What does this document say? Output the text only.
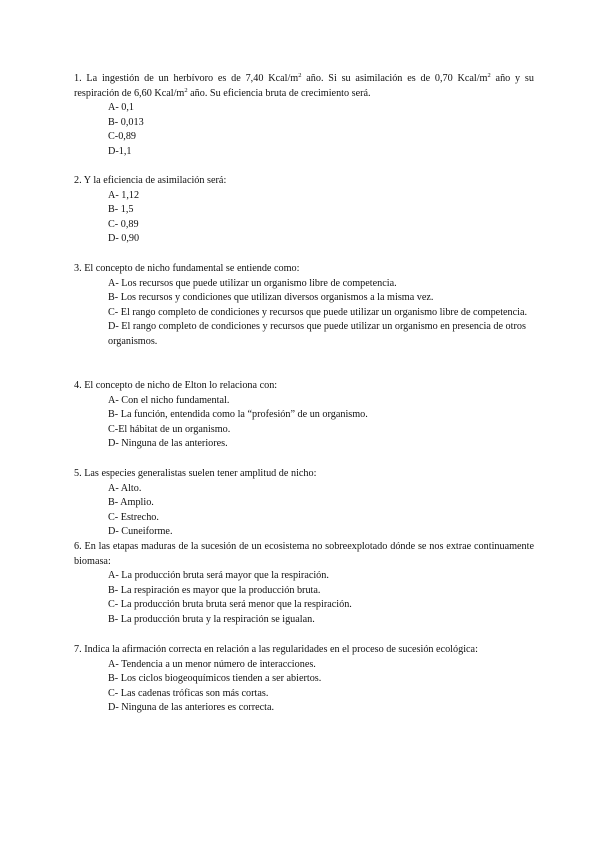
1. La ingestión de un herbívoro es de 7,40 Kcal/$m^2$ año. Si su asimilación es de 0,70 Kcal/$m^2$ año y su respiración de 6,60 Kcal/$m^2$ año. Su eficiencia bruta de crecimiento será.

A- 0,1

B- 0,013

C-0,89

D-1,1

2. Y la eficiencia de asimilación será:

A- 1,12

B- 1,5

C- 0,89

D- 0,90

3. El concepto de nicho fundamental se entiende como:

A- Los recursos que puede utilizar un organismo libre de competencia.

B- Los recursos y condiciones que utilizan diversos organismos a la misma vez.

C- El rango completo de condiciones y recursos que puede utilizar un organismo libre de competencia.

D- El rango completo de condiciones y recursos que puede utilizar un organismo en presencia de otros organismos.

4. El concepto de nicho de Elton lo relaciona con:

A- Con el nicho fundamental.

B- La función, entendida como la “profesión” de un organismo.

C-El hábitat de un organismo.

D- Ninguna de las anteriores.

5. Las especies generalistas suelen tener amplitud de nicho:

A- Alto.

B- Amplio.

C- Estrecho.

D- Cuneiforme.

6. En las etapas maduras de la sucesión de un ecosistema no sobreexplotado dónde se nos extrae continuamente biomasa:

A- La producción bruta será mayor que la respiración.

B- La respiración es mayor que la producción bruta.

C- La producción bruta bruta será menor que la respiración.

B- La producción bruta y la respiración se igualan.

7. Indica la afirmación correcta en relación a las regularidades en el proceso de sucesión ecológica:

A- Tendencia a un menor número de interacciones.

B- Los ciclos biogeoquímicos tienden a ser abiertos.

C- Las cadenas tróficas son más cortas.

D- Ninguna de las anteriores es correcta.
